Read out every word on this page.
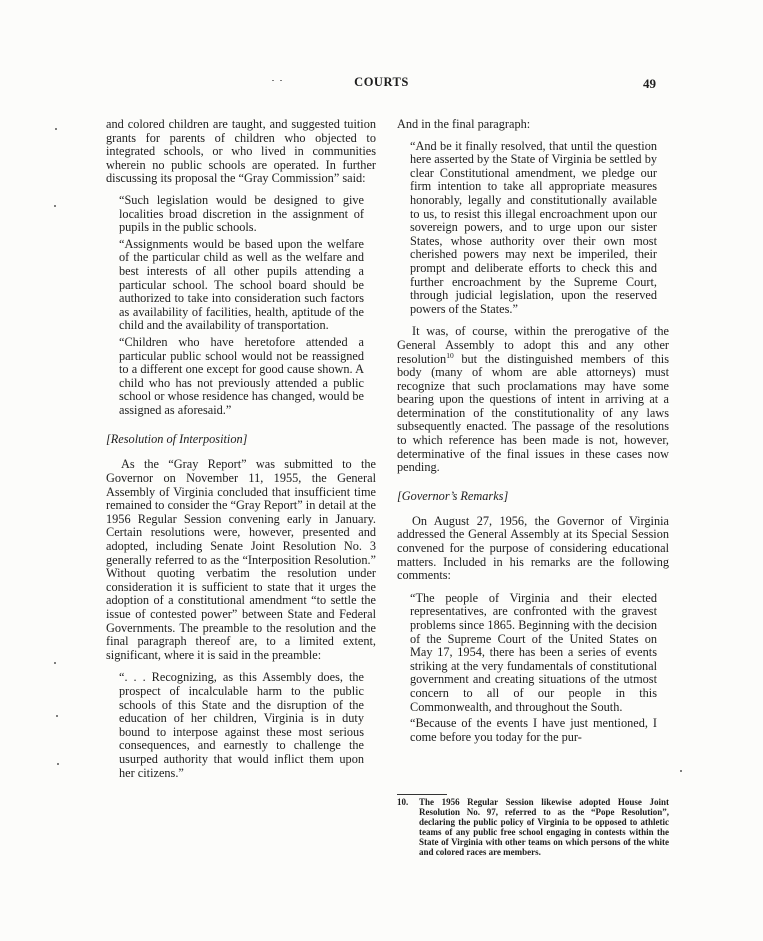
COURTS	49

and colored children are taught, and suggested tuition grants for parents of children who objected to integrated schools, or who lived in communities wherein no public schools are operated. In further discussing its proposal the “Gray Commission” said:

“Such legislation would be designed to give localities broad discretion in the assignment of pupils in the public schools.

“Assignments would be based upon the welfare of the particular child as well as the welfare and best interests of all other pupils attending a particular school. The school board should be authorized to take into consideration such factors as availability of facilities, health, aptitude of the child and the availability of transportation.

“Children who have heretofore attended a particular public school would not be reassigned to a different one except for good cause shown. A child who has not previously attended a public school or whose residence has changed, would be assigned as aforesaid.”

[Resolution of Interposition]

As the “Gray Report” was submitted to the Governor on November 11, 1955, the General Assembly of Virginia concluded that insufficient time remained to consider the “Gray Report” in detail at the 1956 Regular Session convening early in January. Certain resolutions were, however, presented and adopted, including Senate Joint Resolution No. 3 generally referred to as the “Interposition Resolution.” Without quoting verbatim the resolution under consideration it is sufficient to state that it urges the adoption of a constitutional amendment “to settle the issue of contested power” between State and Federal Governments. The preamble to the resolution and the final paragraph thereof are, to a limited extent, significant, where it is said in the preamble:

“. . . Recognizing, as this Assembly does, the prospect of incalculable harm to the public schools of this State and the disruption of the education of her children, Virginia is in duty bound to interpose against these most serious consequences, and earnestly to challenge the usurped authority that would inflict them upon her citizens.”

And in the final paragraph:

“And be it finally resolved, that until the question here asserted by the State of Virginia be settled by clear Constitutional amendment, we pledge our firm intention to take all appropriate measures honorably, legally and constitutionally available to us, to resist this illegal encroachment upon our sovereign powers, and to urge upon our sister States, whose authority over their own most cherished powers may next be imperiled, their prompt and deliberate efforts to check this and further encroachment by the Supreme Court, through judicial legislation, upon the reserved powers of the States.”

It was, of course, within the prerogative of the General Assembly to adopt this and any other resolution$^{10}$ but the distinguished members of this body (many of whom are able attorneys) must recognize that such proclamations may have some bearing upon the questions of intent in arriving at a determination of the constitutionality of any laws subsequently enacted. The passage of the resolutions to which reference has been made is not, however, determinative of the final issues in these cases now pending.

[Governor’s Remarks]

On August 27, 1956, the Governor of Virginia addressed the General Assembly at its Special Session convened for the purpose of considering educational matters. Included in his remarks are the following comments:

“The people of Virginia and their elected representatives, are confronted with the gravest problems since 1865. Beginning with the decision of the Supreme Court of the United States on May 17, 1954, there has been a series of events striking at the very fundamentals of constitutional government and creating situations of the utmost concern to all of our people in this Commonwealth, and throughout the South.

“Because of the events I have just mentioned, I come before you today for the pur-

10.	The 1956 Regular Session likewise adopted House Joint Resolution No. 97, referred to as the “Pope Resolution”, declaring the public policy of Virginia to be opposed to athletic teams of any public free school engaging in contests within the State of Virginia with other teams on which persons of the white and colored races are members.
